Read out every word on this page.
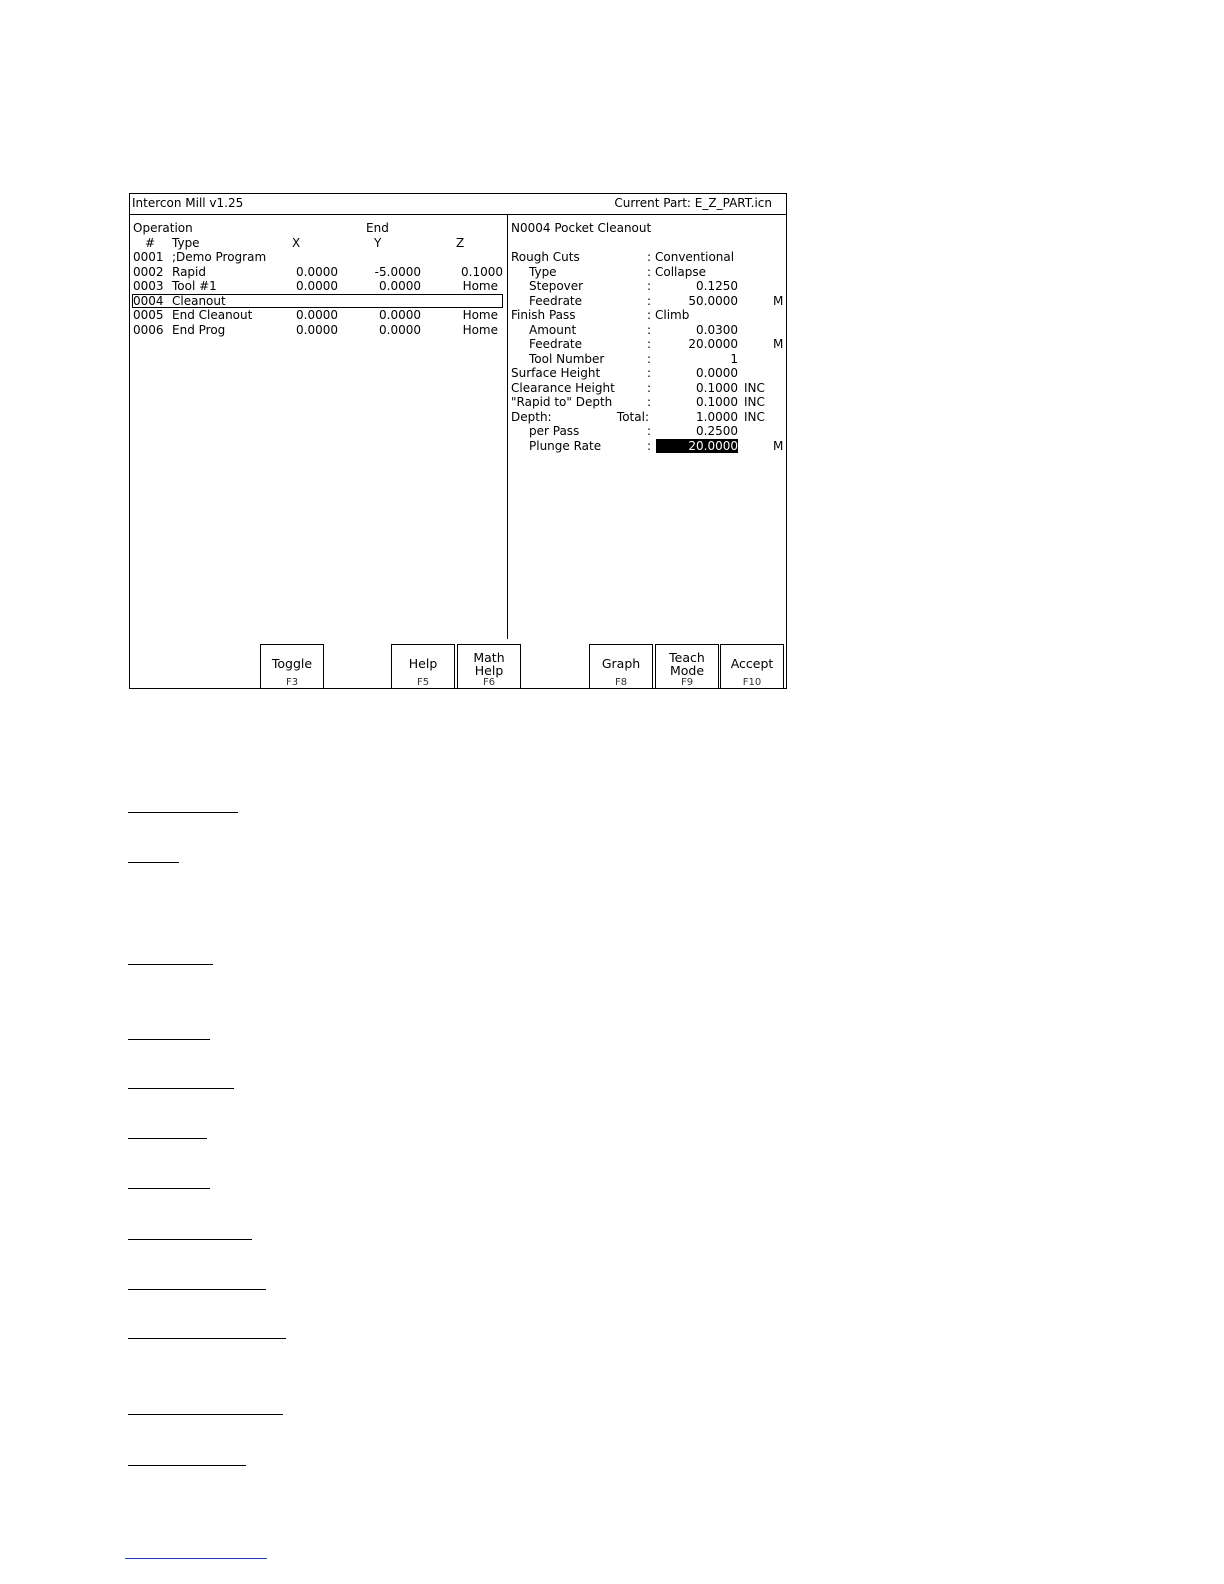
Intercon Mill v1.25	Current Part: E_Z_PART.icn
Operation	End
# Type	X	Y	Z
0001 ;Demo Program
0002 Rapid	0.0000	-5.0000	0.1000
0003 Tool #1	0.0000	0.0000	Home
0004 Cleanout
0005 End Cleanout	0.0000	0.0000	Home
0006 End Prog	0.0000	0.0000	Home
N0004 Pocket Cleanout
Rough Cuts	: Conventional
Type	: Collapse
Stepover	:	0.1250
Feedrate	:	50.0000	M
Finish Pass	: Climb
Amount	:	0.0300
Feedrate	:	20.0000	M
Tool Number	:	1
Surface Height	:	0.0000
Clearance Height	:	0.1000 INC
"Rapid to" Depth	:	0.1000 INC
Depth:	Total:	1.0000 INC
per Pass	:	0.2500
Plunge Rate	:	20.0000	M
Toggle
F3
Help
F5
Math
Help
F6
Graph
F8
Teach
Mode
F9
Accept
F10
